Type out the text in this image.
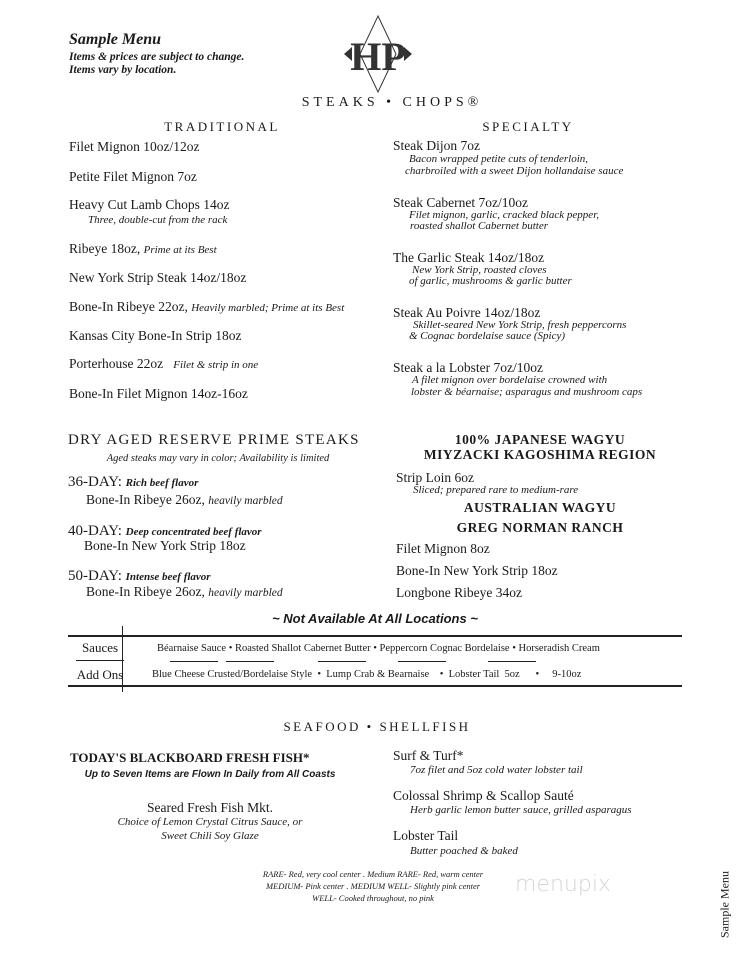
Sample Menu
Items & prices are subject to change.
Items vary by location.	HP
STEAKS • CHOPS®
TRADITIONAL
Filet Mignon 10oz/12oz
Petite Filet Mignon 7oz
Heavy Cut Lamb Chops 14oz
Three, double-cut from the rack
Ribeye 18oz, Prime at its Best
New York Strip Steak 14oz/18oz
Bone-In Ribeye 22oz, Heavily marbled; Prime at its Best
Kansas City Bone-In Strip 18oz
Porterhouse 22oz Filet & strip in one
Bone-In Filet Mignon 14oz-16oz
SPECIALTY
Steak Dijon 7oz
Bacon wrapped petite cuts of tenderloin,
charbroiled with a sweet Dijon hollandaise sauce
Steak Cabernet 7oz/10oz
Filet mignon, garlic, cracked black pepper,
roasted shallot Cabernet butter
The Garlic Steak 14oz/18oz
New York Strip, roasted cloves
of garlic, mushrooms & garlic butter
Steak Au Poivre 14oz/18oz
Skillet-seared New York Strip, fresh peppercorns
& Cognac bordelaise sauce (Spicy)
Steak a la Lobster 7oz/10oz
A filet mignon over bordelaise crowned with
lobster & béarnaise; asparagus and mushroom caps
DRY AGED RESERVE PRIME STEAKS
Aged steaks may vary in color; Availability is limited
36-DAY: Rich beef flavor
Bone-In Ribeye 26oz, heavily marbled
40-DAY: Deep concentrated beef flavor
Bone-In New York Strip 18oz
50-DAY: Intense beef flavor
Bone-In Ribeye 26oz, heavily marbled
100% JAPANESE WAGYU
MIYZACKI KAGOSHIMA REGION
Strip Loin 6oz
Sliced; prepared rare to medium-rare
AUSTRALIAN WAGYU
GREG NORMAN RANCH
Filet Mignon 8oz
Bone-In New York Strip 18oz
Longbone Ribeye 34oz
~ Not Available At All Locations ~
Sauces
Add Ons
Béarnaise Sauce • Roasted Shallot Cabernet Butter • Peppercorn Cognac Bordelaise • Horseradish Cream
Blue Cheese Crusted/Bordelaise Style  •  Lump Crab & Bearnaise    •  Lobster Tail  5oz      •     9-10oz
SEAFOOD • SHELLFISH
TODAY'S BLACKBOARD FRESH FISH*
Up to Seven Items are Flown In Daily from All Coasts
Seared Fresh Fish Mkt.
Choice of Lemon Crystal Citrus Sauce, or
Sweet Chili Soy Glaze
Surf & Turf*
7oz filet and 5oz cold water lobster tail
Colossal Shrimp & Scallop Sauté
Herb garlic lemon butter sauce, grilled asparagus
Lobster Tail
Butter poached & baked
RARE- Red, very cool center . Medium RARE- Red, warm center
MEDIUM- Pink center . MEDIUM WELL- Slightly pink center
WELL- Cooked throughout, no pink
menupix	Sample Menu
